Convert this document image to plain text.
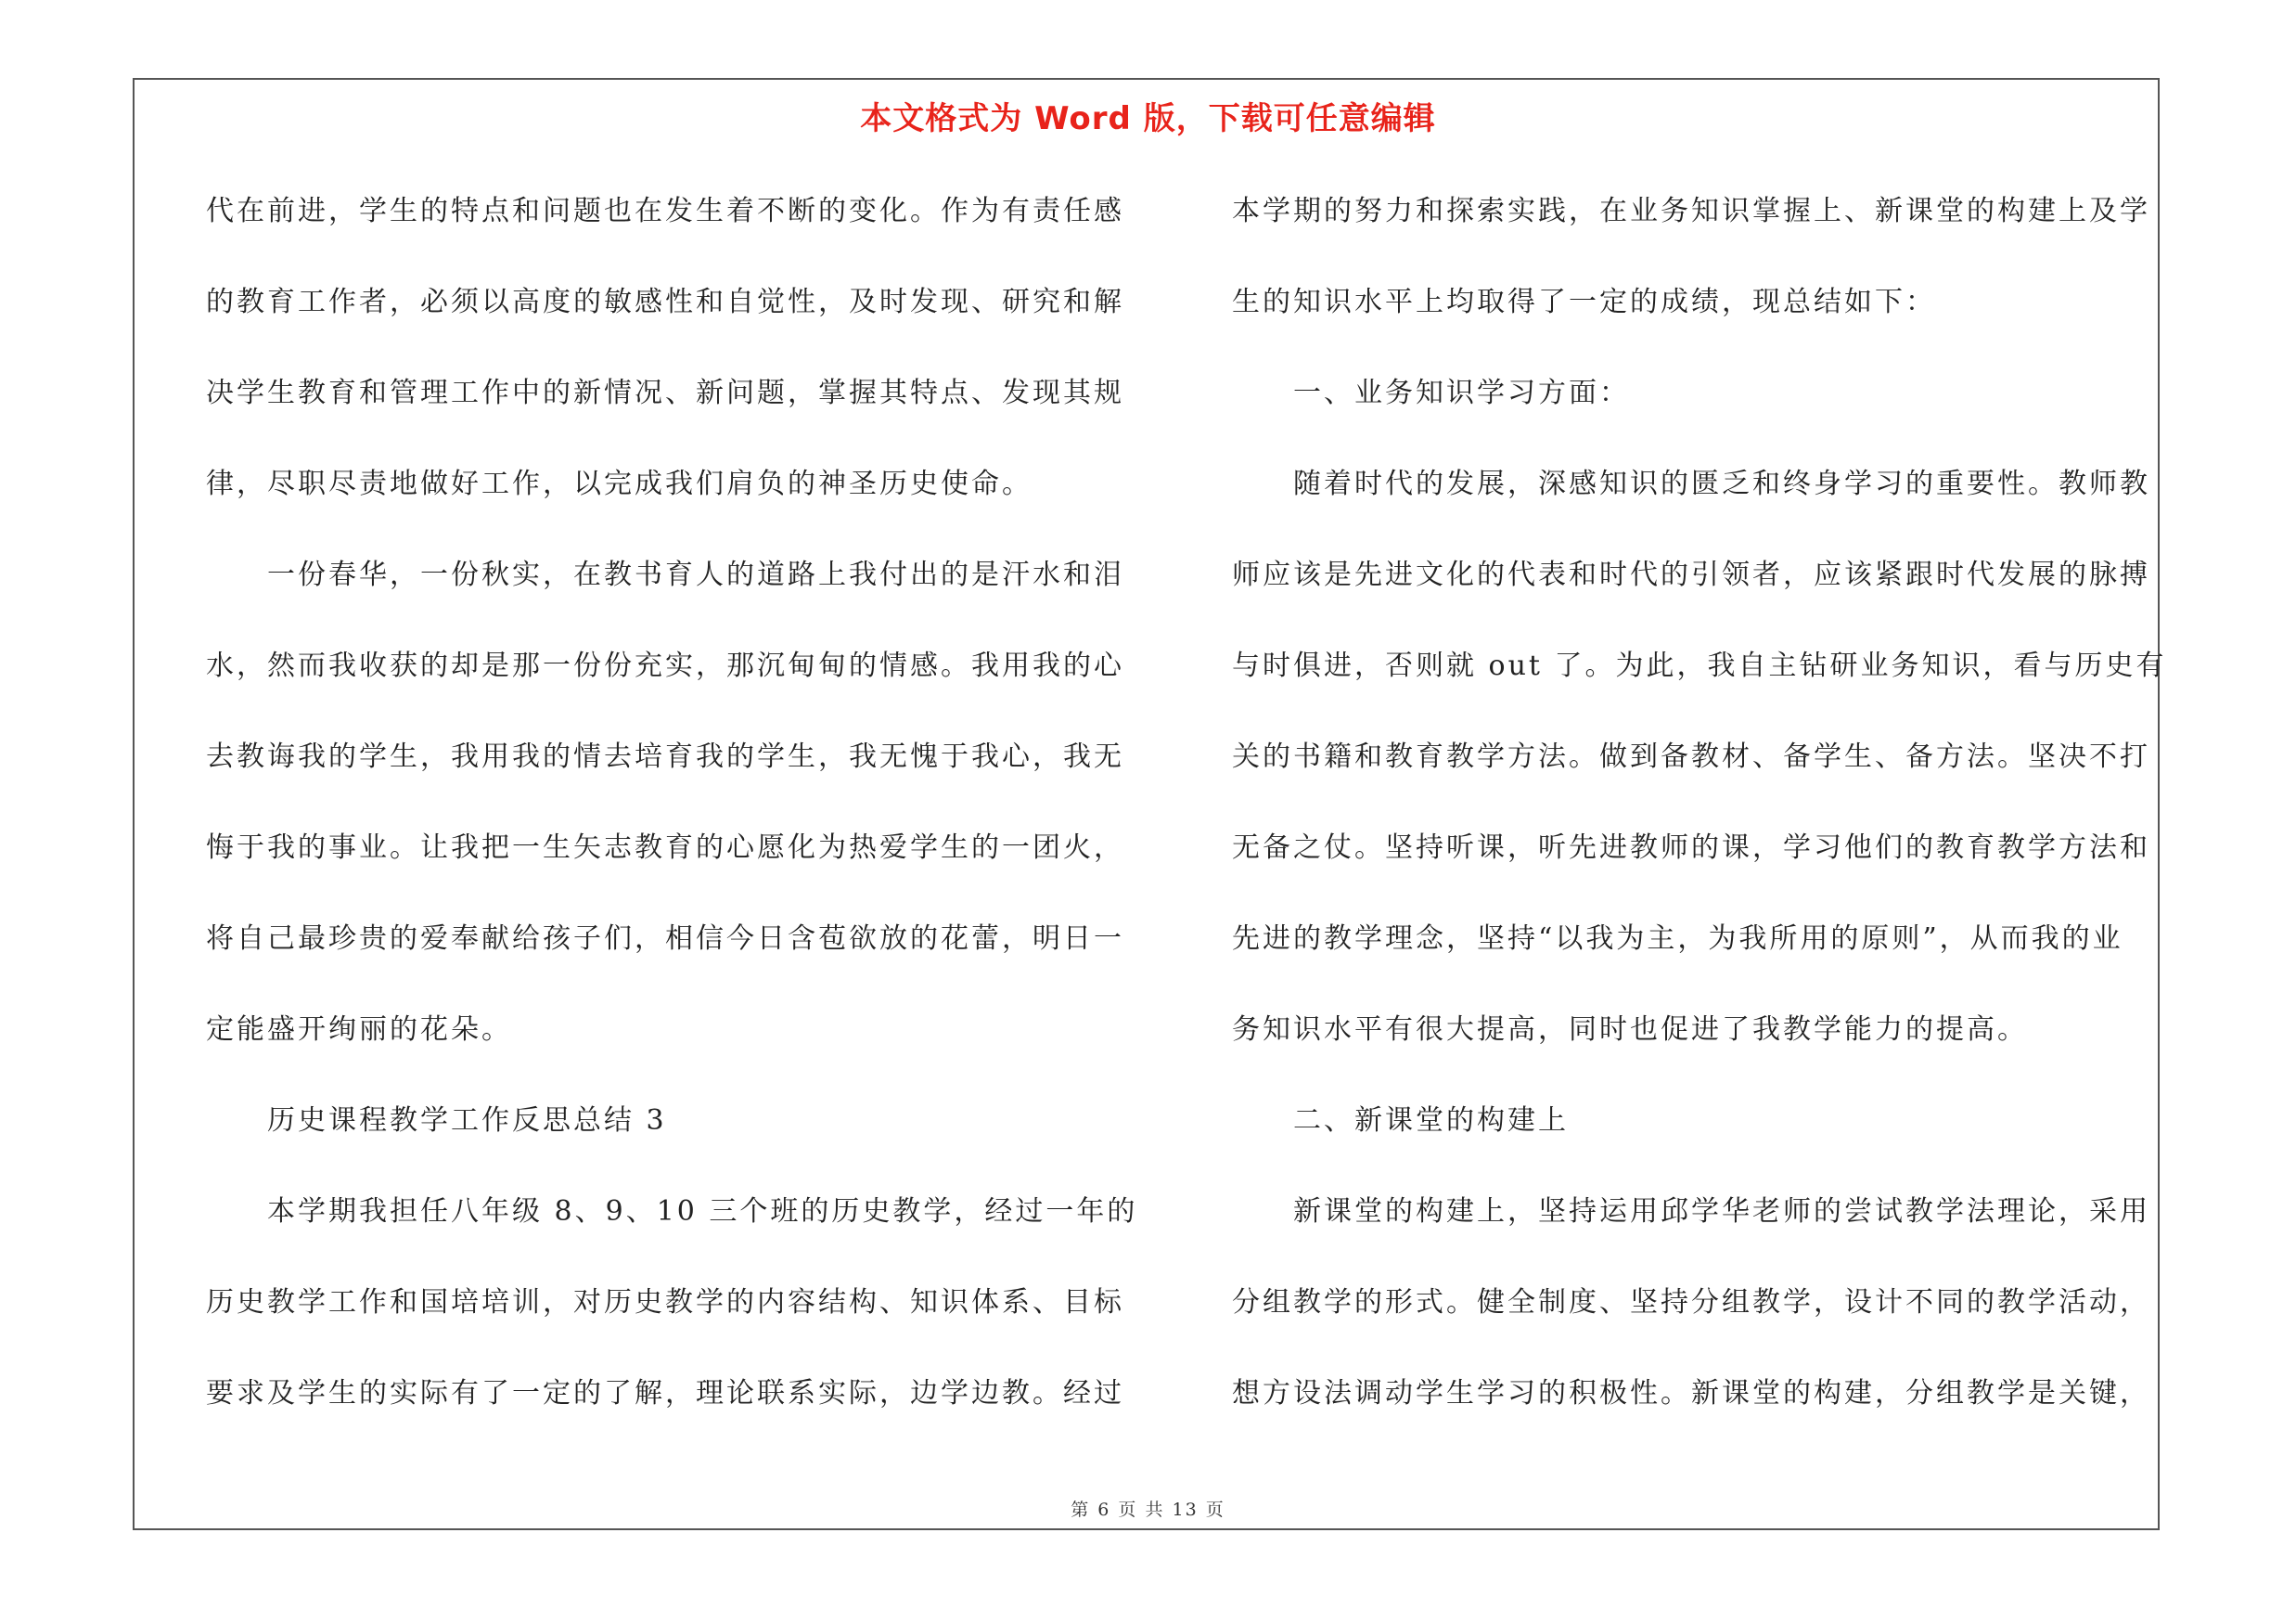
本文格式为 Word 版，下载可任意编辑
代在前进，学生的特点和问题也在发生着不断的变化。作为有责任感
的教育工作者，必须以高度的敏感性和自觉性，及时发现、研究和解
决学生教育和管理工作中的新情况、新问题，掌握其特点、发现其规
律，尽职尽责地做好工作，以完成我们肩负的神圣历史使命。
一份春华，一份秋实，在教书育人的道路上我付出的是汗水和泪
水，然而我收获的却是那一份份充实，那沉甸甸的情感。我用我的心
去教诲我的学生，我用我的情去培育我的学生，我无愧于我心，我无
悔于我的事业。让我把一生矢志教育的心愿化为热爱学生的一团火，
将自己最珍贵的爱奉献给孩子们，相信今日含苞欲放的花蕾，明日一
定能盛开绚丽的花朵。
历史课程教学工作反思总结 3
本学期我担任八年级 8、9、10 三个班的历史教学，经过一年的
历史教学工作和国培培训，对历史教学的内容结构、知识体系、目标
要求及学生的实际有了一定的了解，理论联系实际，边学边教。经过
本学期的努力和探索实践，在业务知识掌握上、新课堂的构建上及学
生的知识水平上均取得了一定的成绩，现总结如下：
一、业务知识学习方面：
随着时代的发展，深感知识的匮乏和终身学习的重要性。教师教
师应该是先进文化的代表和时代的引领者，应该紧跟时代发展的脉搏
与时俱进，否则就 out 了。为此，我自主钻研业务知识，看与历史有
关的书籍和教育教学方法。做到备教材、备学生、备方法。坚决不打
无备之仗。坚持听课，听先进教师的课，学习他们的教育教学方法和
先进的教学理念，坚持“以我为主，为我所用的原则”，从而我的业
务知识水平有很大提高，同时也促进了我教学能力的提高。
二、新课堂的构建上
新课堂的构建上，坚持运用邱学华老师的尝试教学法理论，采用
分组教学的形式。健全制度、坚持分组教学，设计不同的教学活动，
想方设法调动学生学习的积极性。新课堂的构建，分组教学是关键，
第 6 页 共 13 页
